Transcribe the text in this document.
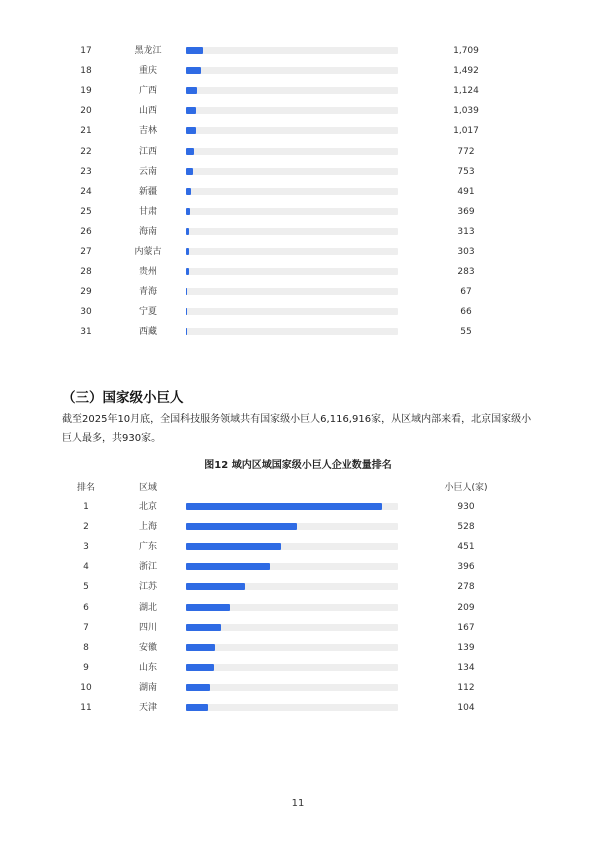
17	黑龙江	1,709
18	重庆	1,492
19	广西	1,124
20	山西	1,039
21	吉林	1,017
22	江西	772
23	云南	753
24	新疆	491
25	甘肃	369
26	海南	313
27	内蒙古	303
28	贵州	283
29	青海	67
30	宁夏	66
31	西藏	55
（三）国家级小巨人
截至2025年10月底，全国科技服务领域共有国家级小巨人6,116,916家，从区域内部来看，北京国家级小巨人最多，共930家。
图12 域内区域国家级小巨人企业数量排名
排名	区域	小巨人(家)
1	北京	930
2	上海	528
3	广东	451
4	浙江	396
5	江苏	278
6	湖北	209
7	四川	167
8	安徽	139
9	山东	134
10	湖南	112
11	天津	104
11
